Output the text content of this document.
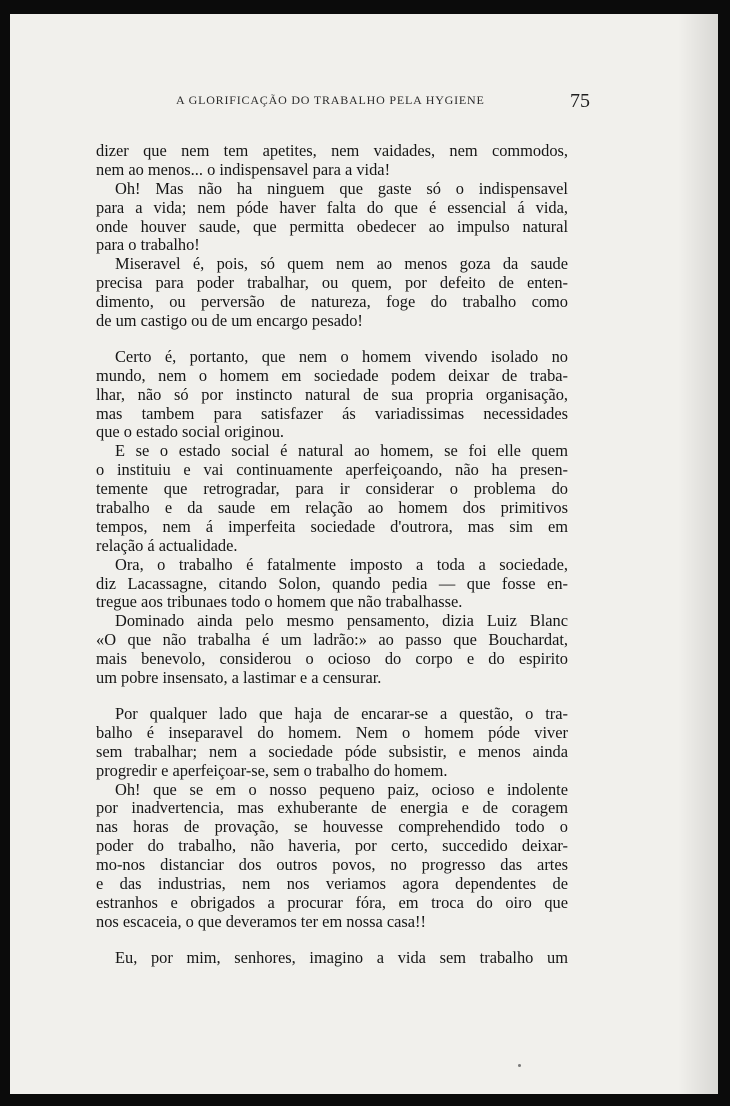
A GLORIFICAÇÃO DO TRABALHO PELA HYGIENE	75
dizer que nem tem apetites, nem vaidades, nem commodos,
nem ao menos... o indispensavel para a vida!
Oh! Mas não ha ninguem que gaste só o indispensavel
para a vida; nem póde haver falta do que é essencial á vida,
onde houver saude, que permitta obedecer ao impulso natural
para o trabalho!
Miseravel é, pois, só quem nem ao menos goza da saude
precisa para poder trabalhar, ou quem, por defeito de enten-
dimento, ou perversão de natureza, foge do trabalho como
de um castigo ou de um encargo pesado!
Certo é, portanto, que nem o homem vivendo isolado no
mundo, nem o homem em sociedade podem deixar de traba-
lhar, não só por instincto natural de sua propria organisação,
mas tambem para satisfazer ás variadissimas necessidades
que o estado social originou.
E se o estado social é natural ao homem, se foi elle quem
o instituiu e vai continuamente aperfeiçoando, não ha presen-
temente que retrogradar, para ir considerar o problema do
trabalho e da saude em relação ao homem dos primitivos
tempos, nem á imperfeita sociedade d'outrora, mas sim em
relação á actualidade.
Ora, o trabalho é fatalmente imposto a toda a sociedade,
diz Lacassagne, citando Solon, quando pedia — que fosse en-
tregue aos tribunaes todo o homem que não trabalhasse.
Dominado ainda pelo mesmo pensamento, dizia Luiz Blanc
«O que não trabalha é um ladrão:» ao passo que Bouchardat,
mais benevolo, considerou o ocioso do corpo e do espirito
um pobre insensato, a lastimar e a censurar.
Por qualquer lado que haja de encarar-se a questão, o tra-
balho é inseparavel do homem. Nem o homem póde viver
sem trabalhar; nem a sociedade póde subsistir, e menos ainda
progredir e aperfeiçoar-se, sem o trabalho do homem.
Oh! que se em o nosso pequeno paiz, ocioso e indolente
por inadvertencia, mas exhuberante de energia e de coragem
nas horas de provação, se houvesse comprehendido todo o
poder do trabalho, não haveria, por certo, succedido deixar-
mo-nos distanciar dos outros povos, no progresso das artes
e das industrias, nem nos veriamos agora dependentes de
estranhos e obrigados a procurar fóra, em troca do oiro que
nos escaceia, o que deveramos ter em nossa casa!!
Eu, por mim, senhores, imagino a vida sem trabalho um
